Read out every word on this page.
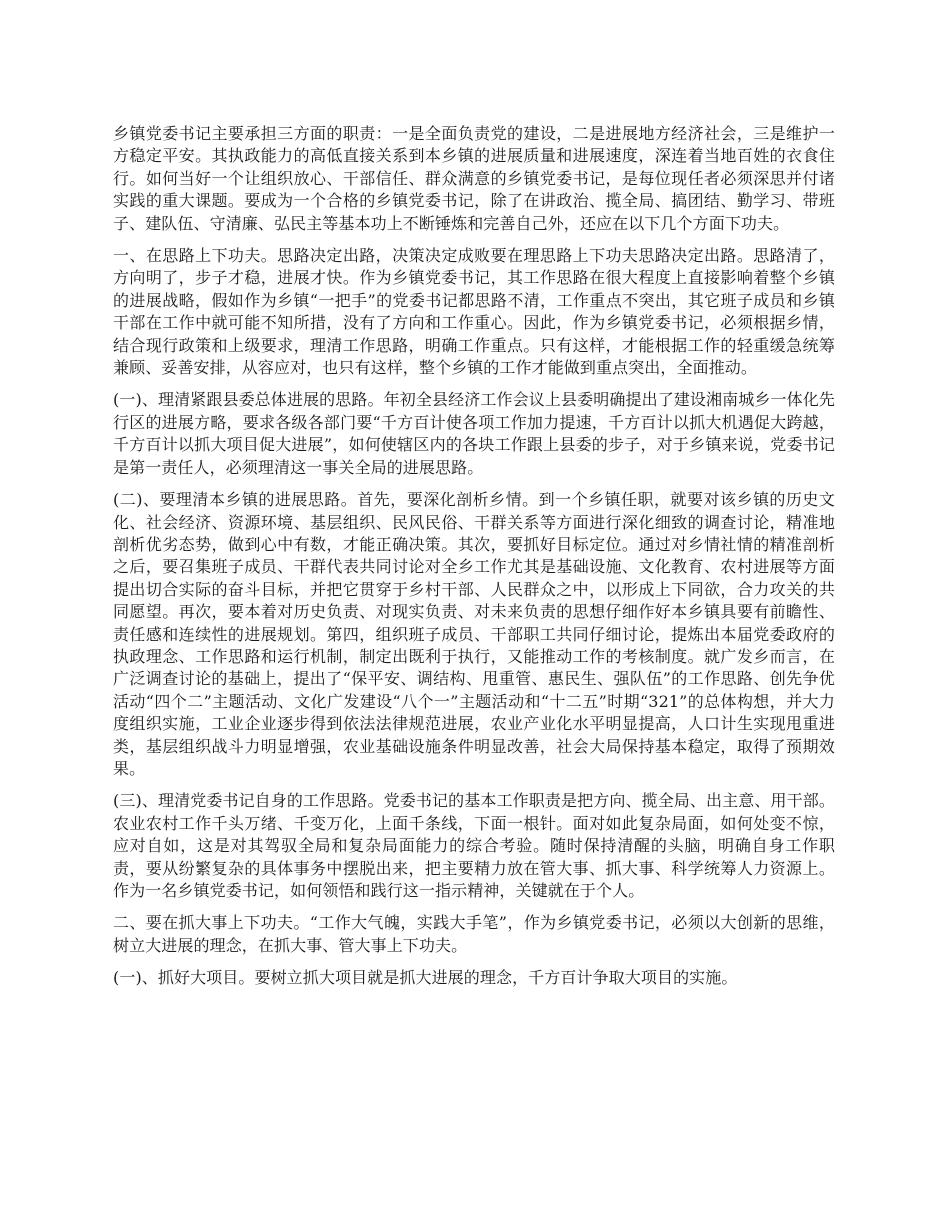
乡镇党委书记主要承担三方面的职责：一是全面负责党的建设，二是进展地方经济社会，三是维护一方稳定平安。其执政能力的高低直接关系到本乡镇的进展质量和进展速度，深连着当地百姓的衣食住行。如何当好一个让组织放心、干部信任、群众满意的乡镇党委书记，是每位现任者必须深思并付诸实践的重大课题。要成为一个合格的乡镇党委书记，除了在讲政治、揽全局、搞团结、勤学习、带班子、建队伍、守清廉、弘民主等基本功上不断锤炼和完善自己外，还应在以下几个方面下功夫。

一、在思路上下功夫。思路决定出路，决策决定成败要在理思路上下功夫思路决定出路。思路清了，方向明了，步子才稳，进展才快。作为乡镇党委书记，其工作思路在很大程度上直接影响着整个乡镇的进展战略，假如作为乡镇“一把手”的党委书记都思路不清，工作重点不突出，其它班子成员和乡镇干部在工作中就可能不知所措，没有了方向和工作重心。因此，作为乡镇党委书记，必须根据乡情，结合现行政策和上级要求，理清工作思路，明确工作重点。只有这样，才能根据工作的轻重缓急统筹兼顾、妥善安排，从容应对，也只有这样，整个乡镇的工作才能做到重点突出，全面推动。

(一)、理清紧跟县委总体进展的思路。年初全县经济工作会议上县委明确提出了建设湘南城乡一体化先行区的进展方略，要求各级各部门要“千方百计使各项工作加力提速，千方百计以抓大机遇促大跨越，千方百计以抓大项目促大进展”，如何使辖区内的各块工作跟上县委的步子，对于乡镇来说，党委书记是第一责任人，必须理清这一事关全局的进展思路。

(二)、要理清本乡镇的进展思路。首先，要深化剖析乡情。到一个乡镇任职，就要对该乡镇的历史文化、社会经济、资源环境、基层组织、民风民俗、干群关系等方面进行深化细致的调查讨论，精准地剖析优劣态势，做到心中有数，才能正确决策。其次，要抓好目标定位。通过对乡情社情的精准剖析之后，要召集班子成员、干群代表共同讨论对全乡工作尤其是基础设施、文化教育、农村进展等方面提出切合实际的奋斗目标，并把它贯穿于乡村干部、人民群众之中，以形成上下同欲，合力攻关的共同愿望。再次，要本着对历史负责、对现实负责、对未来负责的思想仔细作好本乡镇具要有前瞻性、责任感和连续性的进展规划。第四，组织班子成员、干部职工共同仔细讨论，提炼出本届党委政府的执政理念、工作思路和运行机制，制定出既利于执行，又能推动工作的考核制度。就广发乡而言，在广泛调查讨论的基础上，提出了“保平安、调结构、甩重管、惠民生、强队伍”的工作思路、创先争优活动“四个二”主题活动、文化广发建设“八个一”主题活动和“十二五”时期“321”的总体构想，并大力度组织实施，工业企业逐步得到依法法律规范进展，农业产业化水平明显提高，人口计生实现甩重进类，基层组织战斗力明显增强，农业基础设施条件明显改善，社会大局保持基本稳定，取得了预期效果。

(三)、理清党委书记自身的工作思路。党委书记的基本工作职责是把方向、揽全局、出主意、用干部。农业农村工作千头万绪、千变万化，上面千条线，下面一根针。面对如此复杂局面，如何处变不惊，应对自如，这是对其驾驭全局和复杂局面能力的综合考验。随时保持清醒的头脑，明确自身工作职责，要从纷繁复杂的具体事务中摆脱出来，把主要精力放在管大事、抓大事、科学统筹人力资源上。作为一名乡镇党委书记，如何领悟和践行这一指示精神，关键就在于个人。

二、要在抓大事上下功夫。“工作大气魄，实践大手笔”，作为乡镇党委书记，必须以大创新的思维，树立大进展的理念，在抓大事、管大事上下功夫。

(一)、抓好大项目。要树立抓大项目就是抓大进展的理念，千方百计争取大项目的实施。
